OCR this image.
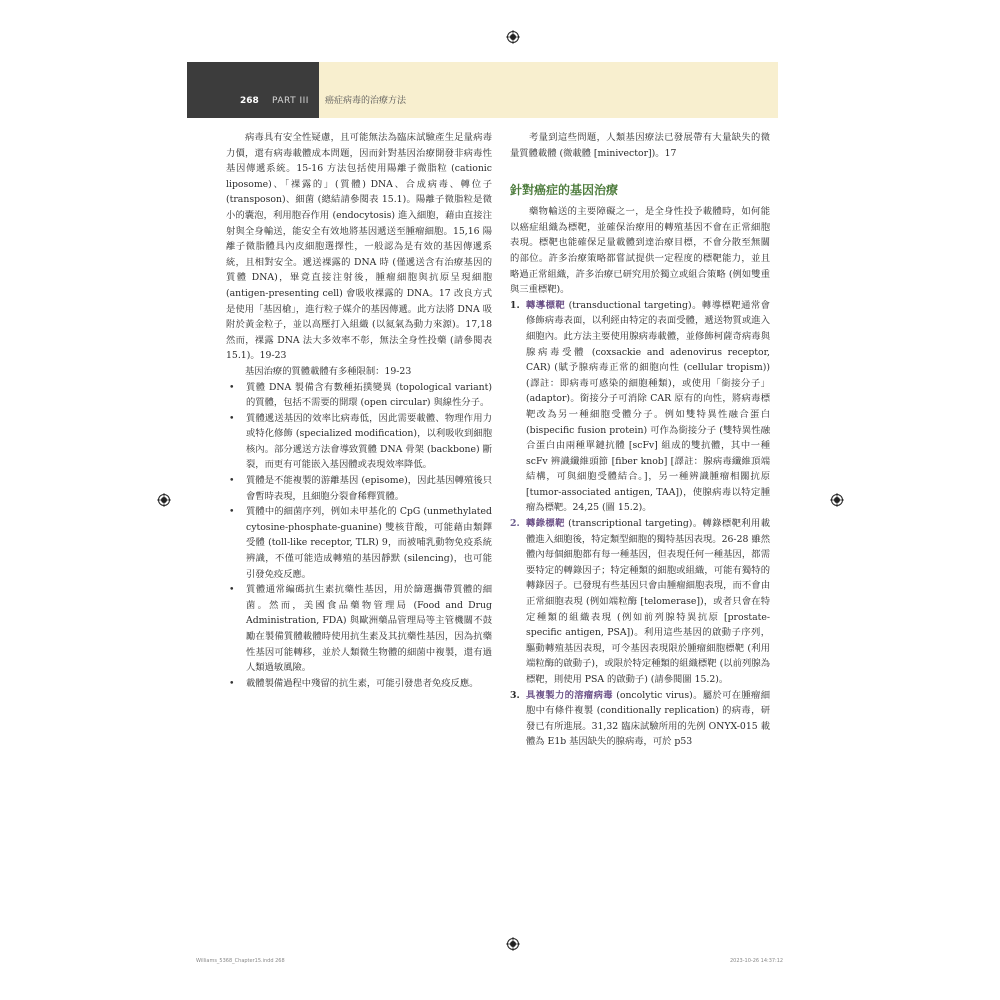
268 PART III 癌症病毒的治療方法

病毒具有安全性疑慮，且可能無法為臨床試驗產生足量病毒力價，還有病毒載體成本問題，因而針對基因治療開發非病毒性基因傳遞系統。15-16 方法包括使用陽離子微脂粒 (cationic liposome)、「裸露的」(質體) DNA、合成病毒、轉位子 (transposon)、細菌 (總結請參閱表 15.1)。陽離子微脂粒是微小的囊泡，利用胞吞作用 (endocytosis) 進入細胞，藉由直接注射與全身輸送，能安全有效地將基因遞送至腫瘤細胞。15,16 陽離子微脂體具內皮細胞選擇性，一般認為是有效的基因傳遞系統，且相對安全。遞送裸露的 DNA 時 (僅遞送含有治療基因的質體 DNA)，畢竟直接注射後，腫瘤細胞與抗原呈現細胞 (antigen-presenting cell) 會吸收裸露的 DNA。17 改良方式是使用「基因槍」，進行粒子媒介的基因傳遞。此方法將 DNA 吸附於黃金粒子，並以高壓打入組織 (以氦氣為動力來源)。17,18 然而，裸露 DNA 法大多效率不彰，無法全身性投藥 (請參閱表 15.1)。19-23

基因治療的質體載體有多種限制：19-23

• 質體 DNA 製備含有數種拓撲變異 (topological variant) 的質體，包括不需要的開環 (open circular) 與線性分子。
• 質體遞送基因的效率比病毒低，因此需要載體、物理作用力或特化修飾 (specialized modification)，以利吸收到細胞核內。部分遞送方法會導致質體 DNA 骨架 (backbone) 斷裂，而更有可能嵌入基因體或表現效率降低。
• 質體是不能複製的游離基因 (episome)，因此基因轉殖後只會暫時表現，且細胞分裂會稀釋質體。
• 質體中的細菌序列，例如未甲基化的 CpG (unmethylated cytosine-phosphate-guanine) 雙核苷酸，可能藉由類鐸受體 (toll-like receptor, TLR) 9，而被哺乳動物免疫系統辨識，不僅可能造成轉殖的基因靜默 (silencing)，也可能引發免疫反應。
• 質體通常編碼抗生素抗藥性基因，用於篩選攜帶質體的細菌。然而，美國食品藥物管理局 (Food and Drug Administration, FDA) 與歐洲藥品管理局等主管機關不鼓勵在製備質體載體時使用抗生素及其抗藥性基因，因為抗藥性基因可能轉移，並於人類微生物體的細菌中複製，還有過人類過敏風險。
• 載體製備過程中殘留的抗生素，可能引發患者免疫反應。

考量到這些問題，人類基因療法已發展帶有大量缺失的微量質體載體 (微載體 [minivector])。17

針對癌症的基因治療

藥物輸送的主要障礙之一，是全身性投予載體時，如何能以癌症組織為標靶，並確保治療用的轉殖基因不會在正常細胞表現。標靶也能確保足量載體到達治療目標，不會分散至無關的部位。許多治療策略都嘗試提供一定程度的標靶能力，並且略過正常組織，許多治療已研究用於獨立或組合策略 (例如雙重與三重標靶)。

1. 轉導標靶 (transductional targeting)。轉導標靶通常會修飾病毒表面，以利經由特定的表面受體，遞送物質或進入細胞內。此方法主要使用腺病毒載體，並修飾柯薩奇病毒與腺病毒受體 (coxsackie and adenovirus receptor, CAR) (賦予腺病毒正常的細胞向性 (cellular tropism)) (譯註：即病毒可感染的細胞種類)，或使用「銜接分子」(adaptor)。銜接分子可消除 CAR 原有的向性，將病毒標靶改為另一種細胞受體分子。例如雙特異性融合蛋白 (bispecific fusion protein) 可作為銜接分子 (雙特異性融合蛋白由兩種單鏈抗體 [scFv] 組成的雙抗體，其中一種 scFv 辨識纖維頭節 [fiber knob] [譯註：腺病毒纖維頂端結構，可與細胞受體結合。]，另一種辨識腫瘤相關抗原 [tumor-associated antigen, TAA])，使腺病毒以特定腫瘤為標靶。24,25 (圖 15.2)。
2. 轉錄標靶 (transcriptional targeting)。轉錄標靶利用載體進入細胞後，特定類型細胞的獨特基因表現。26-28 雖然體內每個細胞都有每一種基因，但表現任何一種基因，都需要特定的轉錄因子；特定種類的細胞或組織，可能有獨特的轉錄因子。已發現有些基因只會由腫瘤細胞表現，而不會由正常細胞表現 (例如端粒酶 [telomerase])，或者只會在特定種類的組織表現 (例如前列腺特異抗原 [prostate-specific antigen, PSA])。利用這些基因的啟動子序列，驅動轉殖基因表現，可令基因表現限於腫瘤細胞標靶 (利用端粒酶的啟動子)，或限於特定種類的組織標靶 (以前列腺為標靶，則使用 PSA 的啟動子) (請參閱圖 15.2)。
3. 具複製力的溶瘤病毒 (oncolytic virus)。屬於可在腫瘤細胞中有條件複製 (conditionally replication) 的病毒，研發已有所進展。31,32 臨床試驗所用的先例 ONYX-015 載體為 E1b 基因缺失的腺病毒，可於 p53
Williams_5368_Chapter15.indd 268	2023-10-26 14:37:12
